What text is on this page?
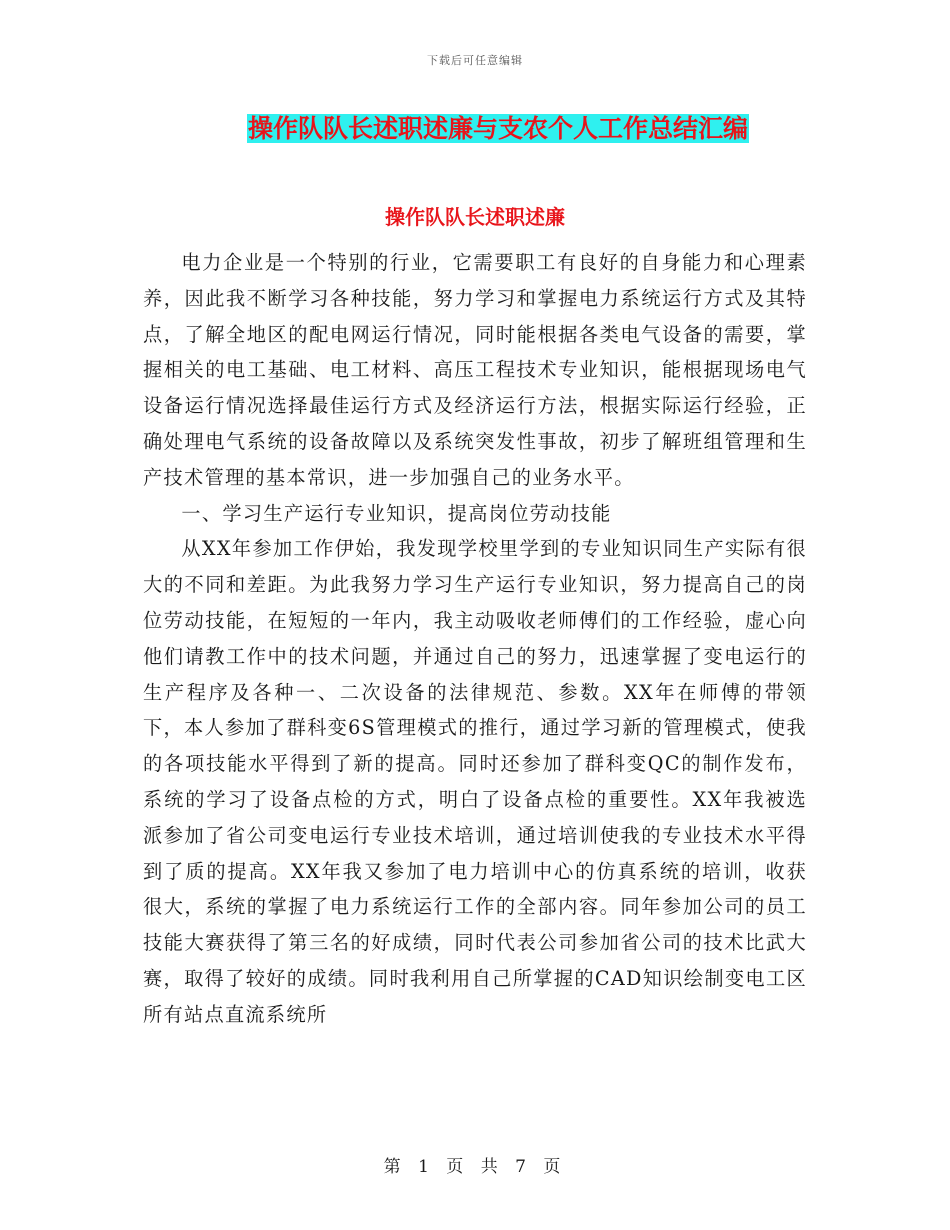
下载后可任意编辑
操作队队长述职述廉与支农个人工作总结汇编
操作队队长述职述廉

电力企业是一个特别的行业，它需要职工有良好的自身能力和心理素养，因此我不断学习各种技能，努力学习和掌握电力系统运行方式及其特点，了解全地区的配电网运行情况，同时能根据各类电气设备的需要，掌握相关的电工基础、电工材料、高压工程技术专业知识，能根据现场电气设备运行情况选择最佳运行方式及经济运行方法，根据实际运行经验，正确处理电气系统的设备故障以及系统突发性事故，初步了解班组管理和生产技术管理的基本常识，进一步加强自己的业务水平。

一、学习生产运行专业知识，提高岗位劳动技能

从XX年参加工作伊始，我发现学校里学到的专业知识同生产实际有很大的不同和差距。为此我努力学习生产运行专业知识，努力提高自己的岗位劳动技能，在短短的一年内，我主动吸收老师傅们的工作经验，虚心向他们请教工作中的技术问题，并通过自己的努力，迅速掌握了变电运行的生产程序及各种一、二次设备的法律规范、参数。XX年在师傅的带领下，本人参加了群科变6S管理模式的推行，通过学习新的管理模式，使我的各项技能水平得到了新的提高。同时还参加了群科变QC的制作发布，系统的学习了设备点检的方式，明白了设备点检的重要性。XX年我被选派参加了省公司变电运行专业技术培训，通过培训使我的专业技术水平得到了质的提高。XX年我又参加了电力培训中心的仿真系统的培训，收获很大，系统的掌握了电力系统运行工作的全部内容。同年参加公司的员工技能大赛获得了第三名的好成绩，同时代表公司参加省公司的技术比武大赛，取得了较好的成绩。同时我利用自己所掌握的CAD知识绘制变电工区所有站点直流系统所

第 1 页 共 7 页
